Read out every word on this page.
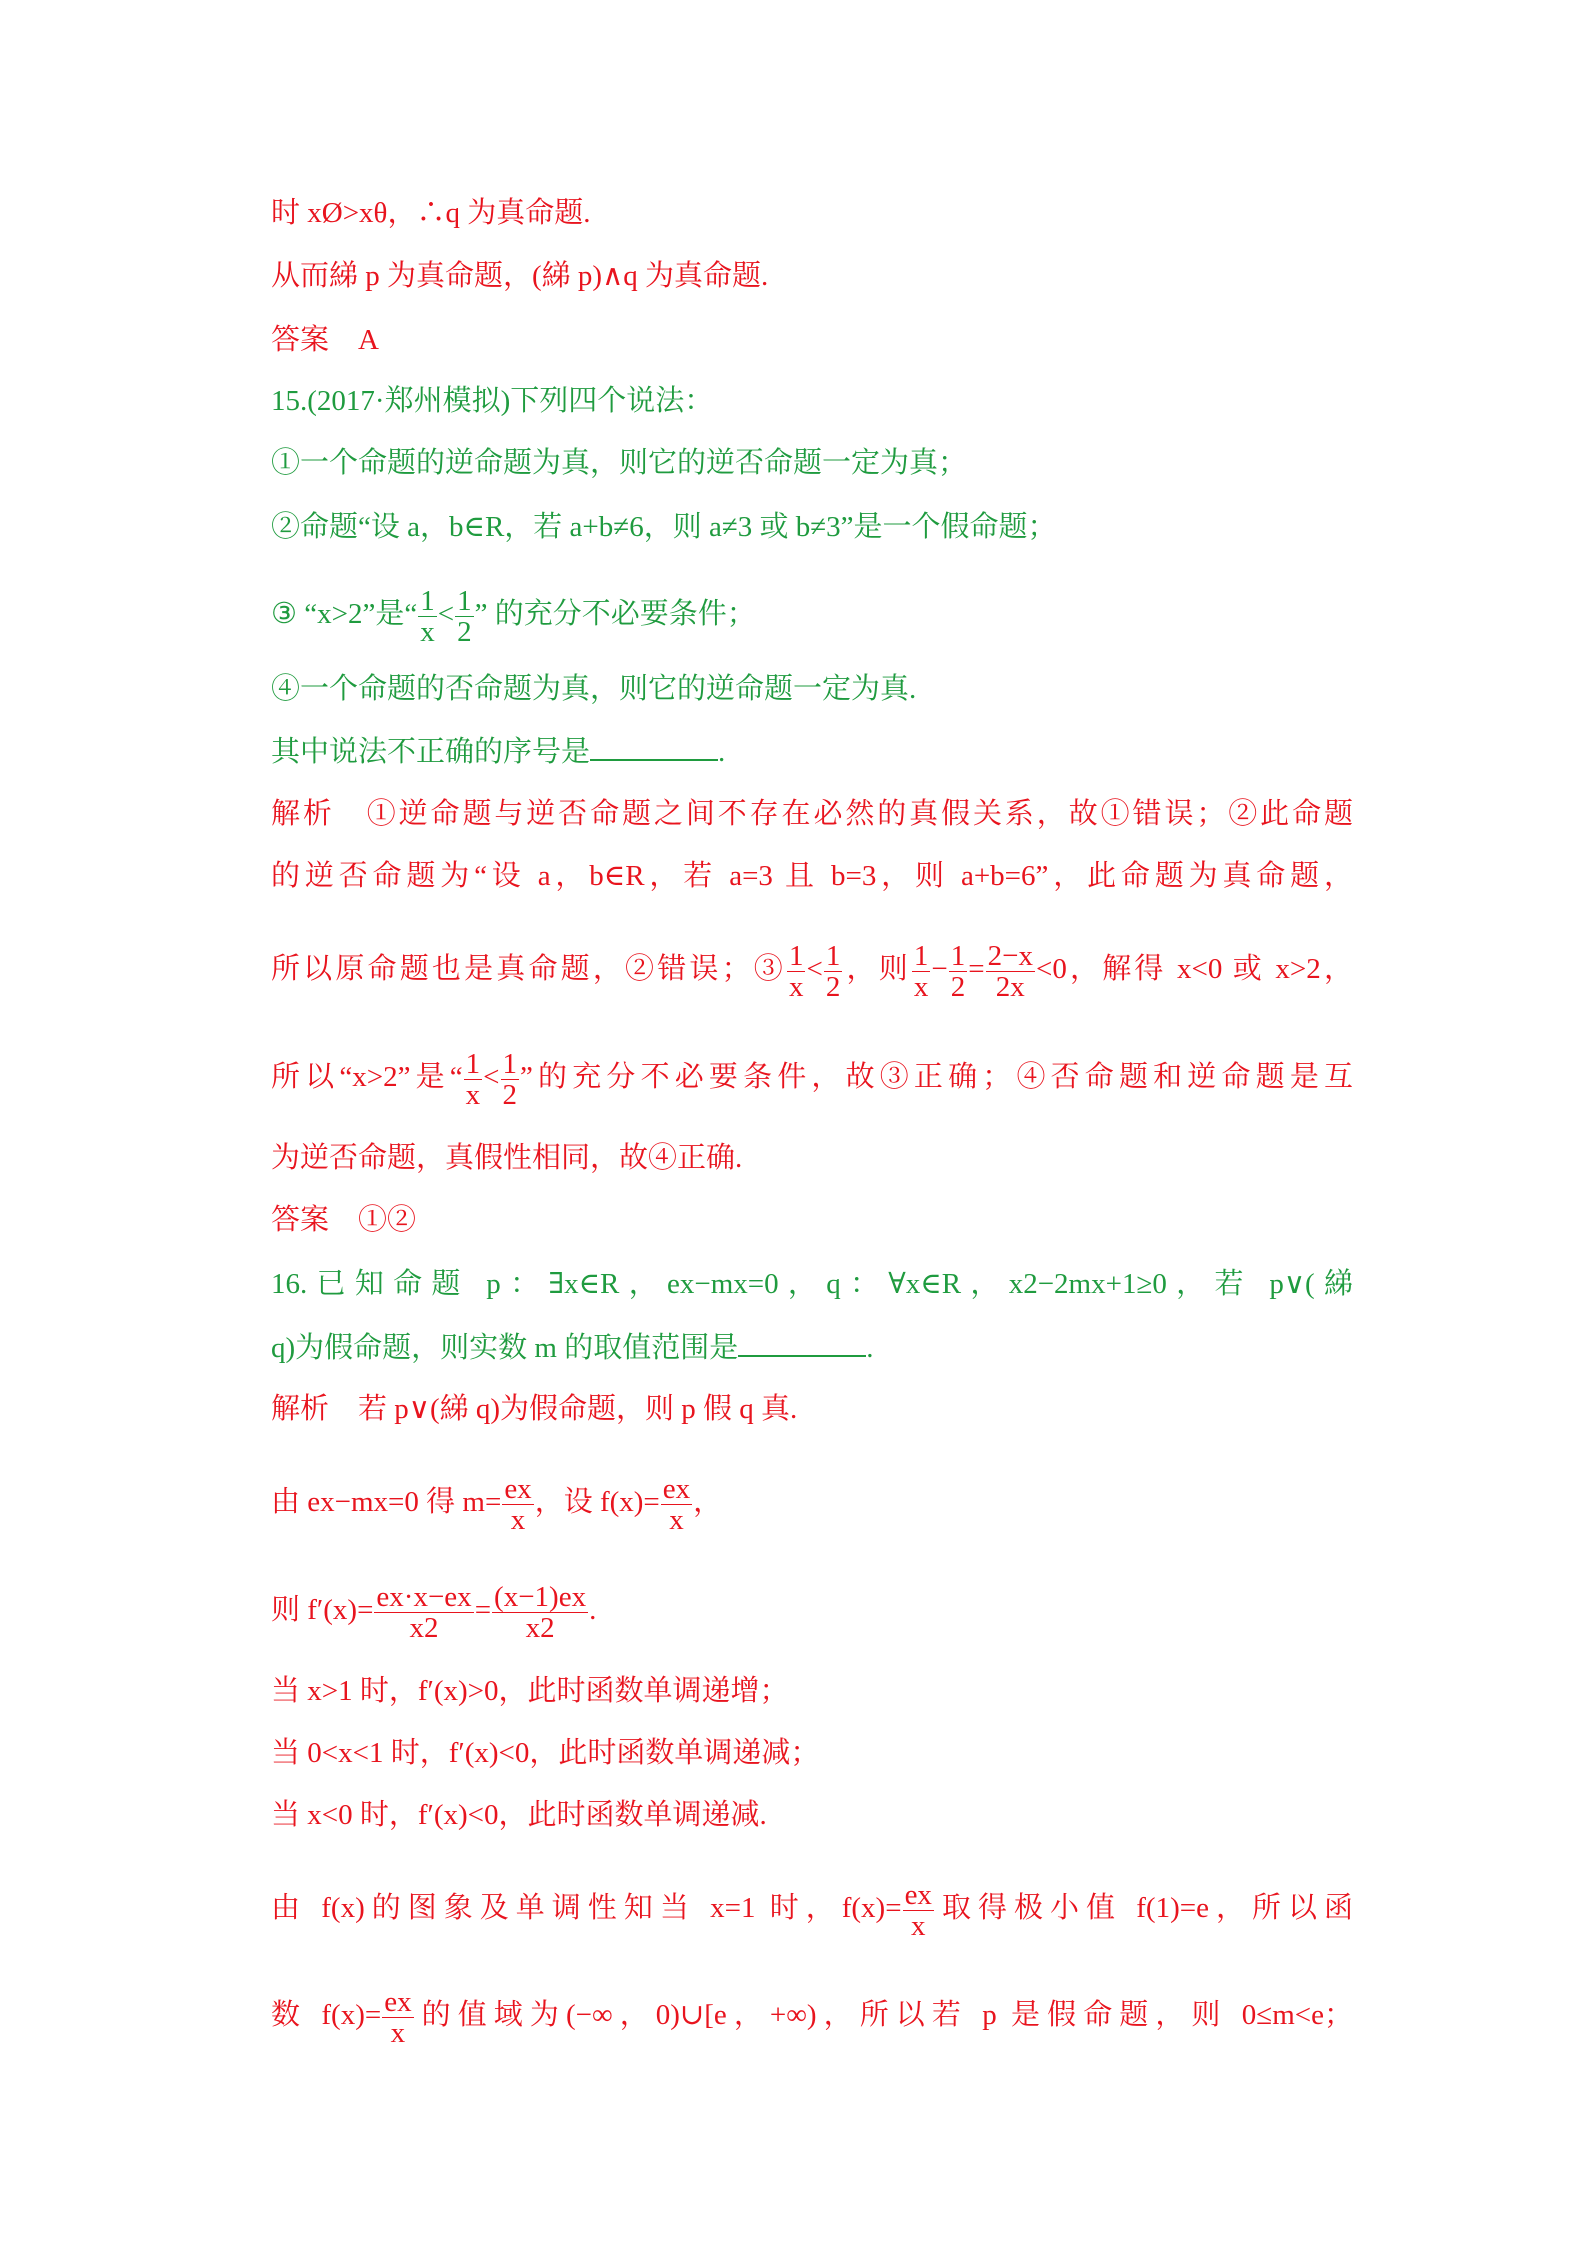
时 xØ>xθ，∴q 为真命题.
从而綈 p 为真命题，(綈 p)∧q 为真命题.
答案　A
15.(2017·郑州模拟)下列四个说法：
①一个命题的逆命题为真，则它的逆否命题一定为真；
②命题“设 a，b∈R，若 a+b≠6，则 a≠3 或 b≠3”是一个假命题；
③ “x>2”是“ $\frac{1}{x} < \frac{1}{2}$ ” 的充分不必要条件；
④一个命题的否命题为真，则它的逆命题一定为真.
其中说法不正确的序号是	.
解析　①逆命题与逆否命题之间不存在必然的真假关系，故①错误；②此命题
的逆否命题为“设 a，b∈R，若 a=3 且 b=3，则 a+b=6”，此命题为真命题，
所以原命题也是真命题，②错误；③ $\frac{1}{x} < \frac{1}{2}$ ，则 $\frac{1}{x} - \frac{1}{2} = \frac{2-x}{2x} <0$，解得 x<0 或 x>2，
所以“x>2”是“ $\frac{1}{x} < \frac{1}{2}$ ”的充分不必要条件，故③正确；④否命题和逆命题是互
为逆否命题，真假性相同，故④正确.
答案　①②
16.已知命题 p：∃x∈R，ex−mx=0，q：∀x∈R，x2−2mx+1≥0，若 p∨(綈
q)为假命题，则实数 m 的取值范围是	.
解析　若 p∨(綈 q)为假命题，则 p 假 q 真.
由 ex−mx=0 得 $m= \frac{ex}{x}$ ，设 $f(x)= \frac{ex}{x}$ ，
则 $f'(x)= \frac{ex\cdot x-ex}{x2} = \frac{(x-1)ex}{x2}$ .
当 x>1 时，f′(x)>0，此时函数单调递增；
当 0<x<1 时，f′(x)<0，此时函数单调递减；
当 x<0 时，f′(x)<0，此时函数单调递减.
由 f(x)的图象及单调性知当 x=1 时，$f(x)= \frac{ex}{x}$ 取得极小值 f(1)=e，所以函
数 $f(x)= \frac{ex}{x}$ 的值域为(−∞，0)∪[e，+∞)，所以若 p 是假命题，则 0≤m<e；
